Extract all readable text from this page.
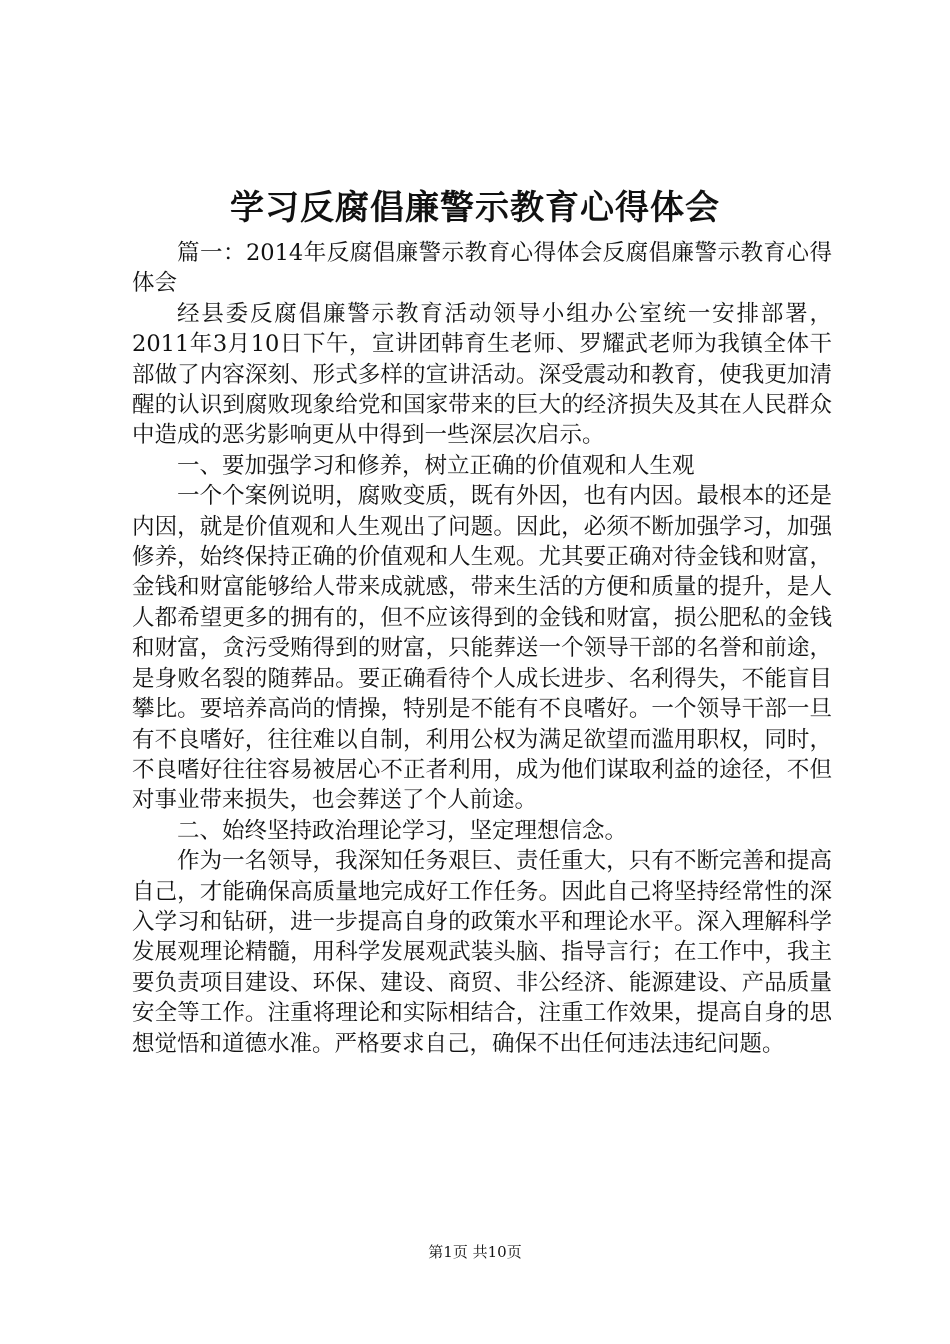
学习反腐倡廉警示教育心得体会

篇一：2014年反腐倡廉警示教育心得体会反腐倡廉警示教育心得体会

经县委反腐倡廉警示教育活动领导小组办公室统一安排部署，2011年3月10日下午，宣讲团韩育生老师、罗耀武老师为我镇全体干部做了内容深刻、形式多样的宣讲活动。深受震动和教育，使我更加清醒的认识到腐败现象给党和国家带来的巨大的经济损失及其在人民群众中造成的恶劣影响更从中得到一些深层次启示。

一、要加强学习和修养，树立正确的价值观和人生观

一个个案例说明，腐败变质，既有外因，也有内因。最根本的还是内因，就是价值观和人生观出了问题。因此，必须不断加强学习，加强修养，始终保持正确的价值观和人生观。尤其要正确对待金钱和财富，金钱和财富能够给人带来成就感，带来生活的方便和质量的提升，是人人都希望更多的拥有的，但不应该得到的金钱和财富，损公肥私的金钱和财富，贪污受贿得到的财富，只能葬送一个领导干部的名誉和前途，是身败名裂的随葬品。要正确看待个人成长进步、名利得失，不能盲目攀比。要培养高尚的情操，特别是不能有不良嗜好。一个领导干部一旦有不良嗜好，往往难以自制，利用公权为满足欲望而滥用职权，同时，不良嗜好往往容易被居心不正者利用，成为他们谋取利益的途径，不但对事业带来损失，也会葬送了个人前途。

二、始终坚持政治理论学习，坚定理想信念。

作为一名领导，我深知任务艰巨、责任重大，只有不断完善和提高自己，才能确保高质量地完成好工作任务。因此自己将坚持经常性的深入学习和钻研，进一步提高自身的政策水平和理论水平。深入理解科学发展观理论精髓，用科学发展观武装头脑、指导言行；在工作中，我主要负责项目建设、环保、建设、商贸、非公经济、能源建设、产品质量安全等工作。注重将理论和实际相结合，注重工作效果，提高自身的思想觉悟和道德水准。严格要求自己，确保不出任何违法违纪问题。

第1页 共10页
